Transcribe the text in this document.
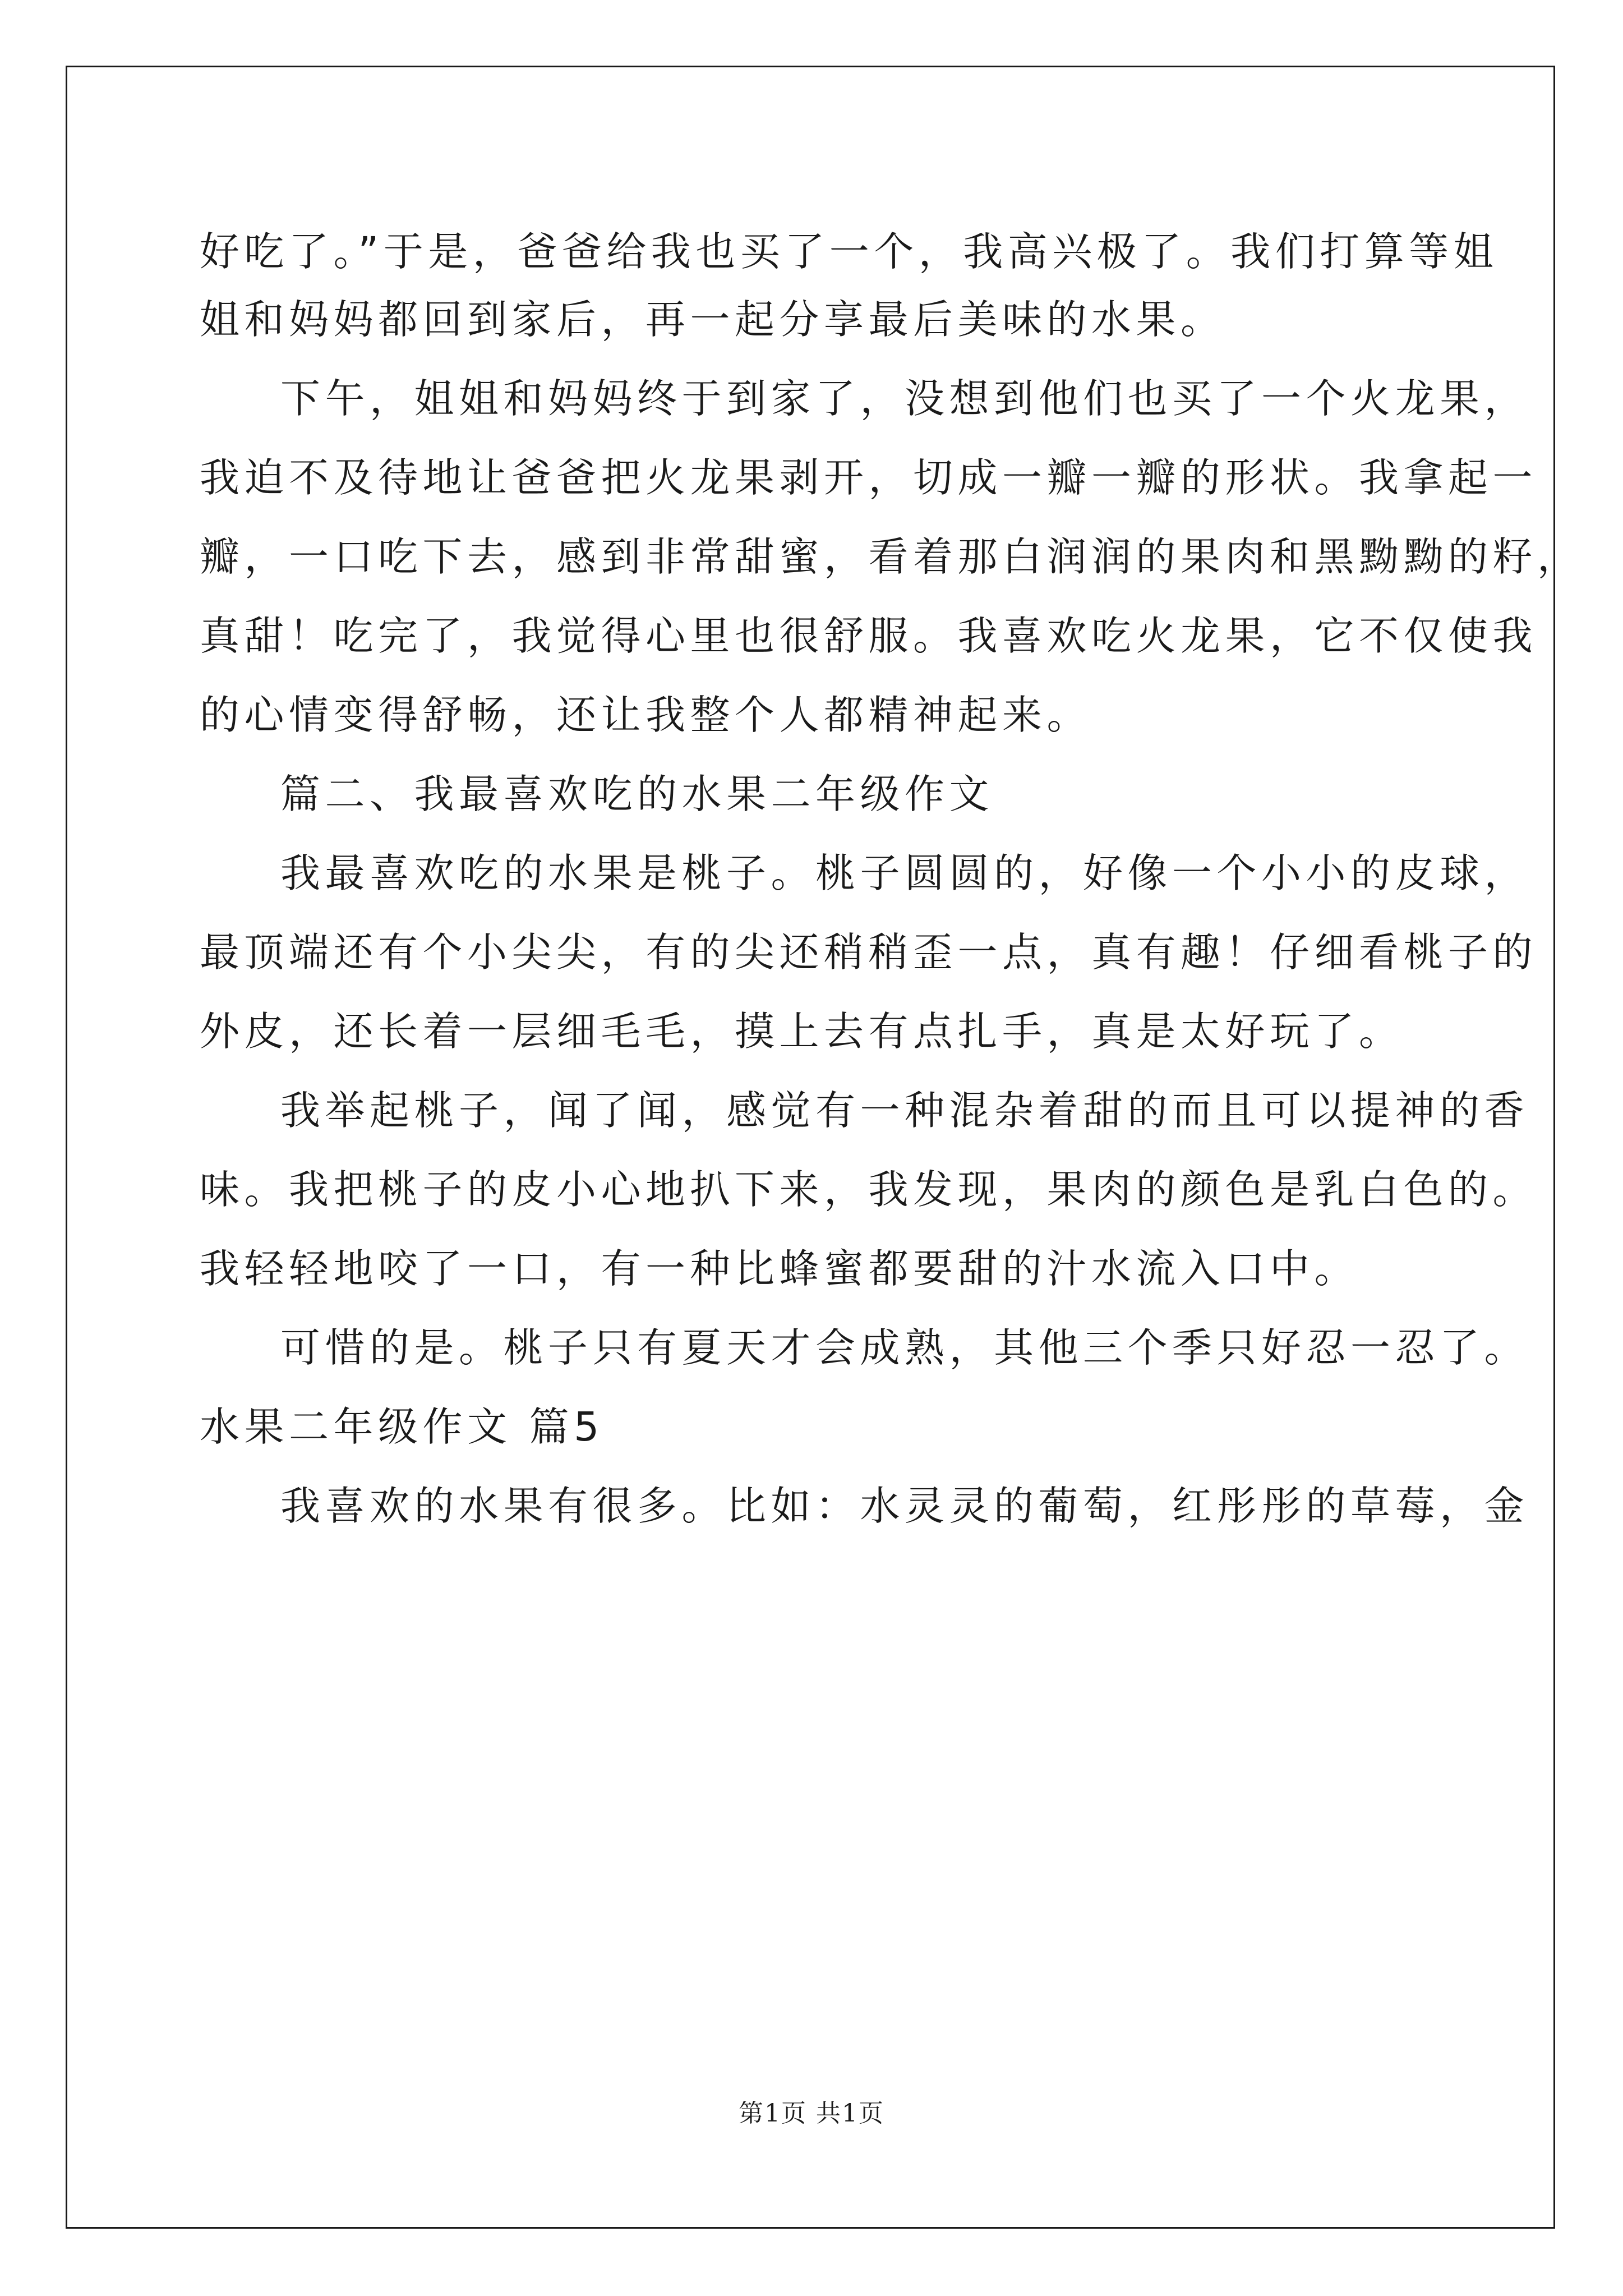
好吃了。”于是，爸爸给我也买了一个，我高兴极了。我们打算等姐

姐和妈妈都回到家后，再一起分享最后美味的水果。

下午，姐姐和妈妈终于到家了，没想到他们也买了一个火龙果，

我迫不及待地让爸爸把火龙果剥开，切成一瓣一瓣的形状。我拿起一

瓣，一口吃下去，感到非常甜蜜，看着那白润润的果肉和黑黝黝的籽，

真甜！吃完了，我觉得心里也很舒服。我喜欢吃火龙果，它不仅使我

的心情变得舒畅，还让我整个人都精神起来。

篇二、我最喜欢吃的水果二年级作文

我最喜欢吃的水果是桃子。桃子圆圆的，好像一个小小的皮球，

最顶端还有个小尖尖，有的尖还稍稍歪一点，真有趣！仔细看桃子的

外皮，还长着一层细毛毛，摸上去有点扎手，真是太好玩了。

我举起桃子，闻了闻，感觉有一种混杂着甜的而且可以提神的香

味。我把桃子的皮小心地扒下来，我发现，果肉的颜色是乳白色的。

我轻轻地咬了一口，有一种比蜂蜜都要甜的汁水流入口中。

可惜的是。桃子只有夏天才会成熟，其他三个季只好忍一忍了。

水果二年级作文 篇5

我喜欢的水果有很多。比如：水灵灵的葡萄，红彤彤的草莓，金

第1页 共1页
